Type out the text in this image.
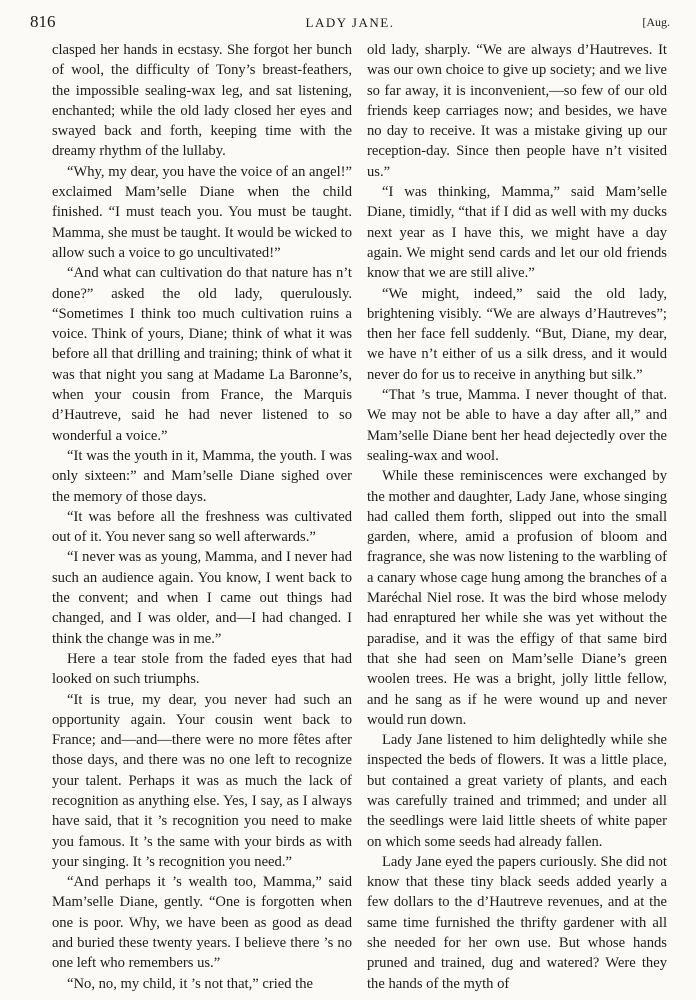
816	LADY JANE.	[Aug.

clasped her hands in ecstasy. She forgot her bunch of wool, the difficulty of Tony’s breast-feathers, the impossible sealing-wax leg, and sat listening, enchanted; while the old lady closed her eyes and swayed back and forth, keeping time with the dreamy rhythm of the lullaby.

“Why, my dear, you have the voice of an angel!” exclaimed Mam’selle Diane when the child finished. “I must teach you. You must be taught. Mamma, she must be taught. It would be wicked to allow such a voice to go uncultivated!”

“And what can cultivation do that nature has n’t done?” asked the old lady, querulously. “Sometimes I think too much cultivation ruins a voice. Think of yours, Diane; think of what it was before all that drilling and training; think of what it was that night you sang at Madame La Baronne’s, when your cousin from France, the Marquis d’Hautreve, said he had never listened to so wonderful a voice.”

“It was the youth in it, Mamma, the youth. I was only sixteen:” and Mam’selle Diane sighed over the memory of those days.

“It was before all the freshness was cultivated out of it. You never sang so well afterwards.”

“I never was as young, Mamma, and I never had such an audience again. You know, I went back to the convent; and when I came out things had changed, and I was older, and—I had changed. I think the change was in me.”

Here a tear stole from the faded eyes that had looked on such triumphs.

“It is true, my dear, you never had such an opportunity again. Your cousin went back to France; and—and—there were no more fêtes after those days, and there was no one left to recognize your talent. Perhaps it was as much the lack of recognition as anything else. Yes, I say, as I always have said, that it ’s recognition you need to make you famous. It ’s the same with your birds as with your singing. It ’s recognition you need.”

“And perhaps it ’s wealth too, Mamma,” said Mam’selle Diane, gently. “One is forgotten when one is poor. Why, we have been as good as dead and buried these twenty years. I believe there ’s no one left who remembers us.”

“No, no, my child, it ’s not that,” cried the

old lady, sharply. “We are always d’Hautreves. It was our own choice to give up society; and we live so far away, it is inconvenient,—so few of our old friends keep carriages now; and besides, we have no day to receive. It was a mistake giving up our reception-day. Since then people have n’t visited us.”

“I was thinking, Mamma,” said Mam’selle Diane, timidly, “that if I did as well with my ducks next year as I have this, we might have a day again. We might send cards and let our old friends know that we are still alive.”

“We might, indeed,” said the old lady, brightening visibly. “We are always d’Hautreves”; then her face fell suddenly. “But, Diane, my dear, we have n’t either of us a silk dress, and it would never do for us to receive in anything but silk.”

“That ’s true, Mamma. I never thought of that. We may not be able to have a day after all,” and Mam’selle Diane bent her head dejectedly over the sealing-wax and wool.

While these reminiscences were exchanged by the mother and daughter, Lady Jane, whose singing had called them forth, slipped out into the small garden, where, amid a profusion of bloom and fragrance, she was now listening to the warbling of a canary whose cage hung among the branches of a Maréchal Niel rose. It was the bird whose melody had enraptured her while she was yet without the paradise, and it was the effigy of that same bird that she had seen on Mam’selle Diane’s green woolen trees. He was a bright, jolly little fellow, and he sang as if he were wound up and never would run down.

Lady Jane listened to him delightedly while she inspected the beds of flowers. It was a little place, but contained a great variety of plants, and each was carefully trained and trimmed; and under all the seedlings were laid little sheets of white paper on which some seeds had already fallen.

Lady Jane eyed the papers curiously. She did not know that these tiny black seeds added yearly a few dollars to the d’Hautreve revenues, and at the same time furnished the thrifty gardener with all she needed for her own use. But whose hands pruned and trained, dug and watered? Were they the hands of the myth of
